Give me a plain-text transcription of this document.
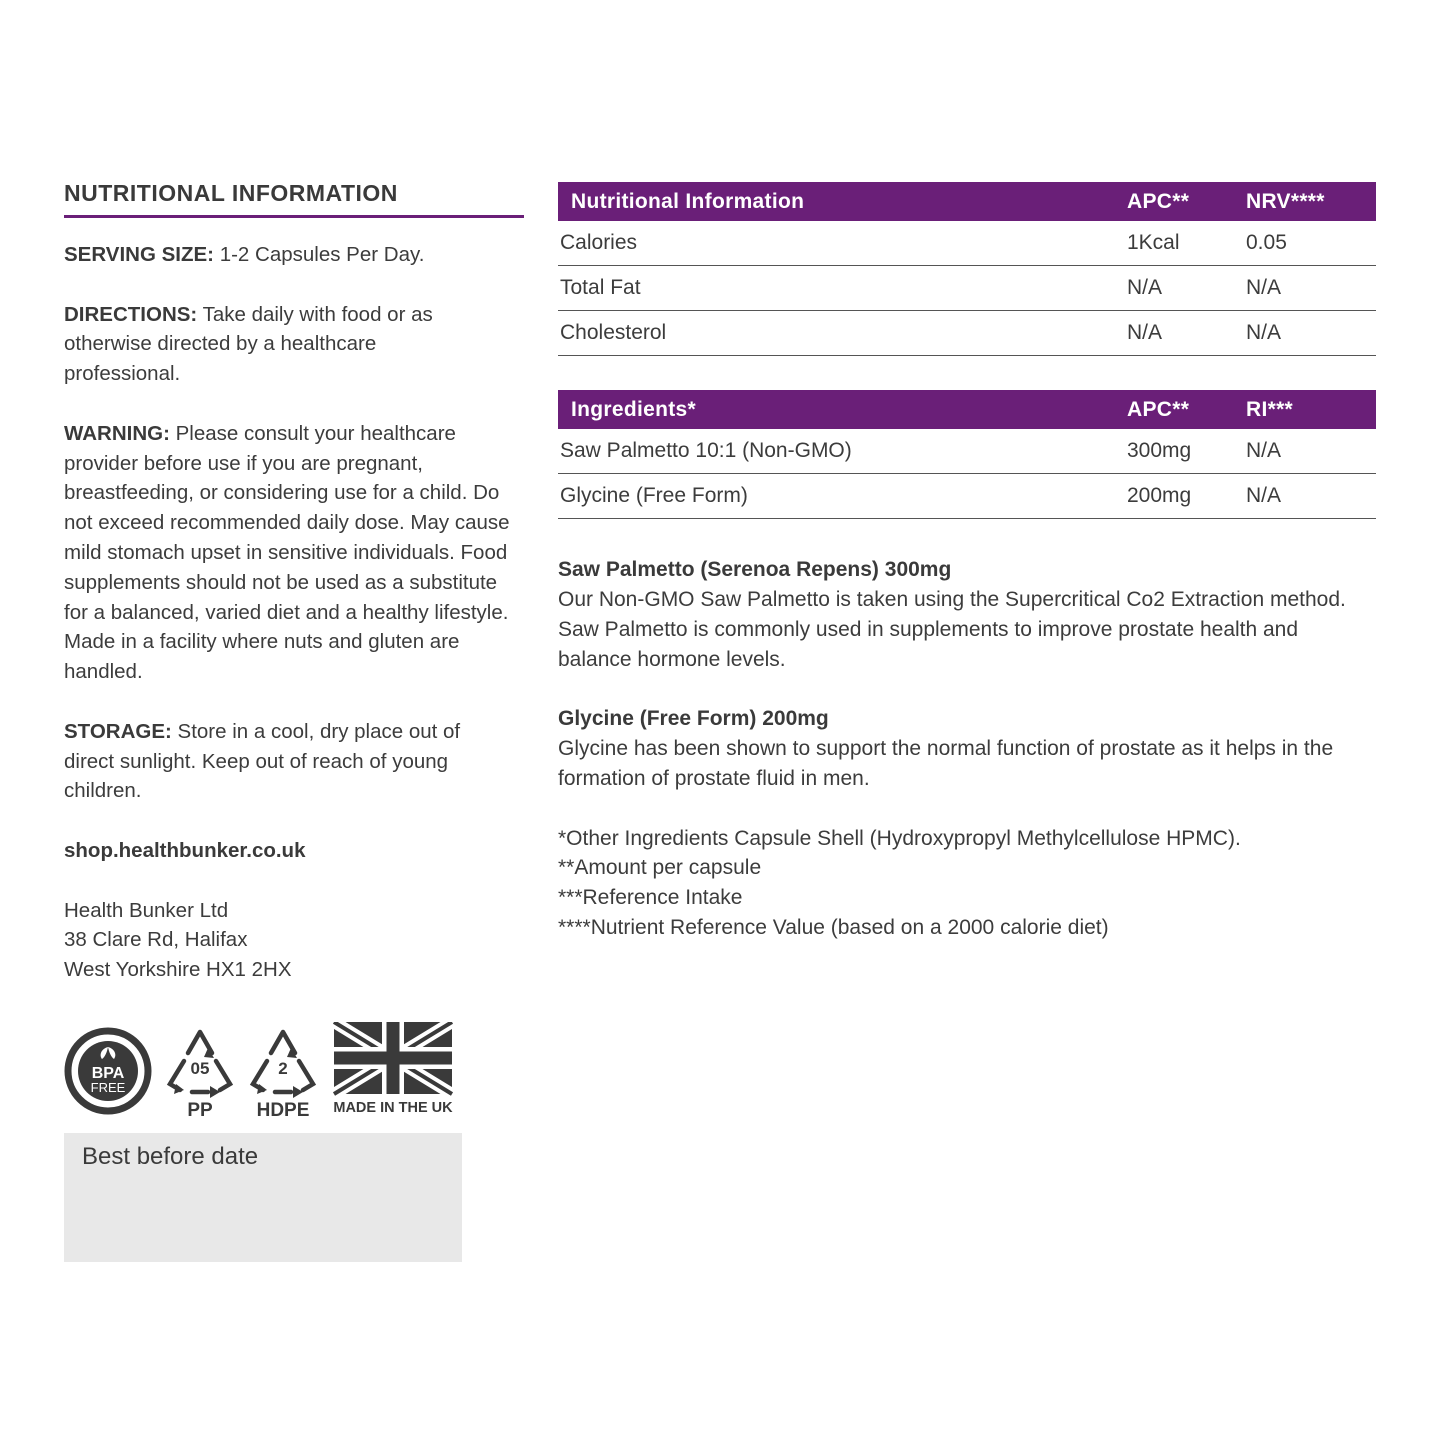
NUTRITIONAL INFORMATION

SERVING SIZE: 1-2 Capsules Per Day.

DIRECTIONS: Take daily with food or as otherwise directed by a healthcare professional.

WARNING: Please consult your healthcare provider before use if you are pregnant, breastfeeding, or considering use for a child. Do not exceed recommended daily dose. May cause mild stomach upset in sensitive individuals. Food supplements should not be used as a substitute for a balanced, varied diet and a healthy lifestyle. Made in a facility where nuts and gluten are handled.

STORAGE: Store in a cool, dry place out of direct sunlight. Keep out of reach of young children.

shop.healthbunker.co.uk

Health Bunker Ltd
38 Clare Rd, Halifax
West Yorkshire HX1 2HX

BPA
FREE
05
PP
2
HDPE MADE IN THE UK
Best before date
Nutritional Information	APC**	NRV****
Calories	1Kcal	0.05
Total Fat	N/A	N/A
Cholesterol	N/A	N/A
Ingredients*	APC**	RI***
Saw Palmetto 10:1 (Non-GMO)	300mg	N/A
Glycine (Free Form)	200mg	N/A
Saw Palmetto (Serenoa Repens) 300mg
Our Non-GMO Saw Palmetto is taken using the Supercritical Co2 Extraction method. Saw Palmetto is commonly used in supplements to improve prostate health and balance hormone levels.
Glycine (Free Form) 200mg
Glycine has been shown to support the normal function of prostate as it helps in the formation of prostate fluid in men.
*Other Ingredients Capsule Shell (Hydroxypropyl Methylcellulose HPMC).
**Amount per capsule
***Reference Intake
****Nutrient Reference Value (based on a 2000 calorie diet)
